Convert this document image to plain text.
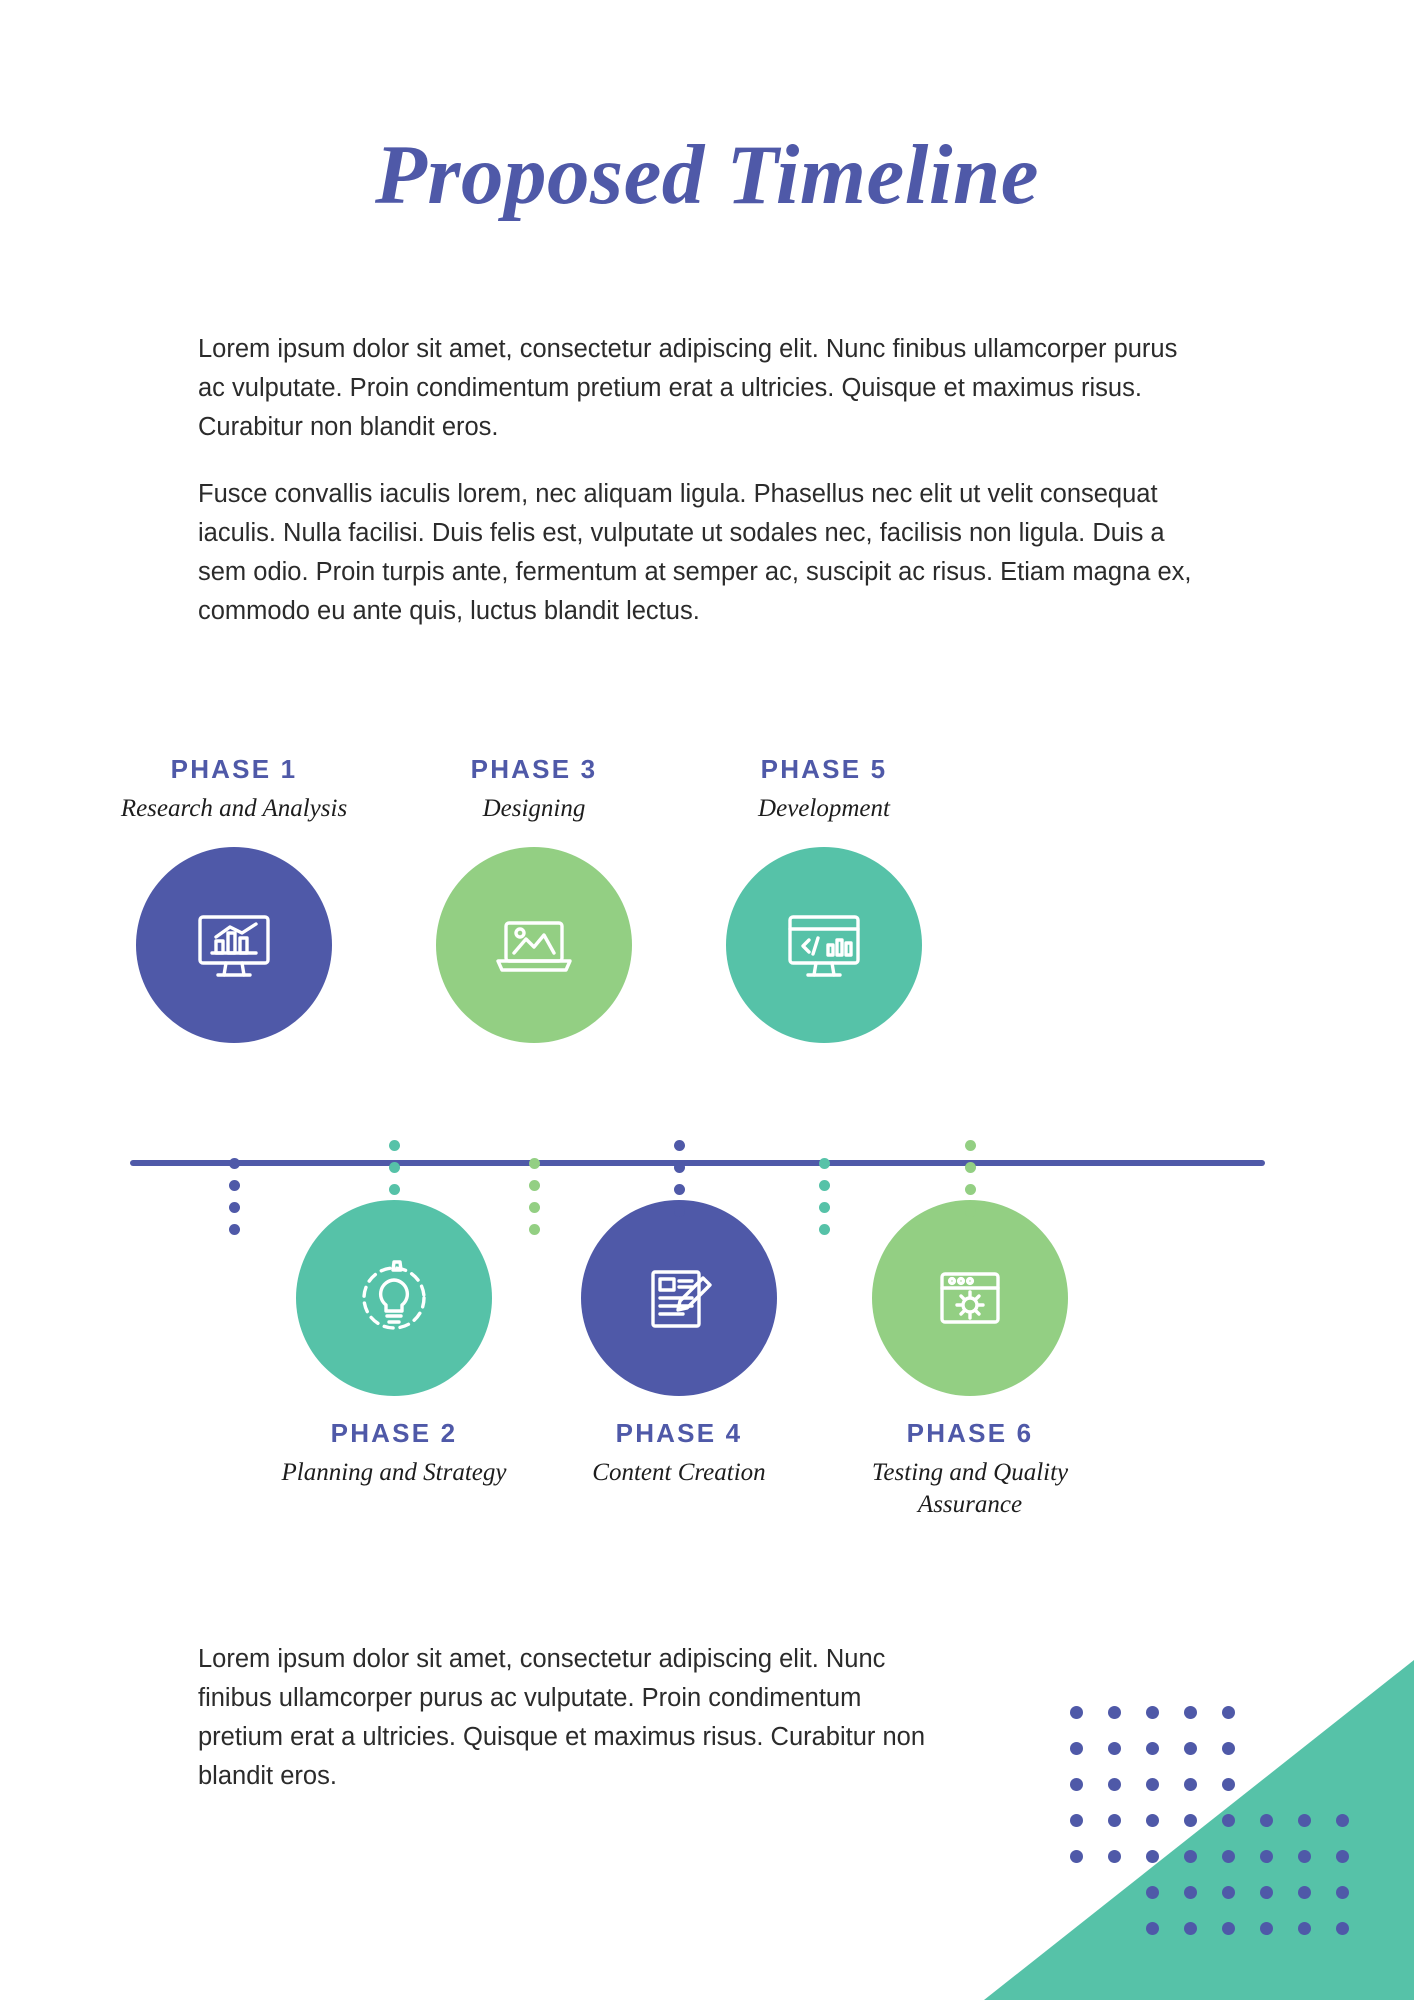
Proposed Timeline

Lorem ipsum dolor sit amet, consectetur adipiscing elit. Nunc finibus ullamcorper purus ac vulputate. Proin condimentum pretium erat a ultricies. Quisque et maximus risus. Curabitur non blandit eros.

Fusce convallis iaculis lorem, nec aliquam ligula. Phasellus nec elit ut velit consequat iaculis. Nulla facilisi. Duis felis est, vulputate ut sodales nec, facilisis non ligula. Duis a sem odio. Proin turpis ante, fermentum at semper ac, suscipit ac risus. Etiam magna ex, commodo eu ante quis, luctus blandit lectus.

PHASE 1
Research and Analysis
PHASE 3
Designing
PHASE 5
Development
PHASE 2
Planning and Strategy
PHASE 4
Content Creation
PHASE 6
Testing and Quality Assurance
Lorem ipsum dolor sit amet, consectetur adipiscing elit. Nunc finibus ullamcorper purus ac vulputate. Proin condimentum pretium erat a ultricies. Quisque et maximus risus. Curabitur non blandit eros.
